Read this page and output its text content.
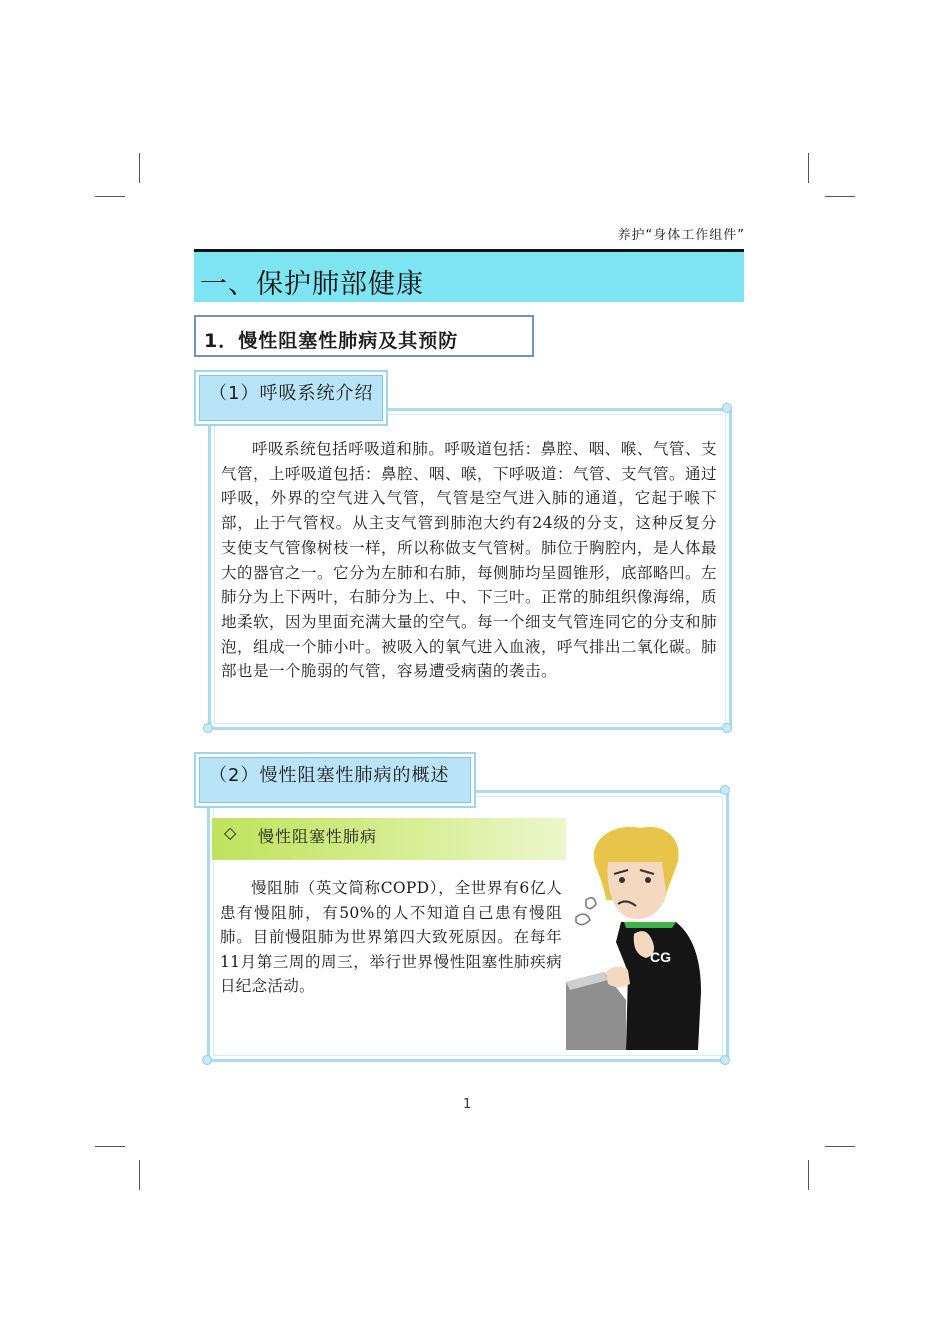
养护“身体工作组件”
一、保护肺部健康
1．慢性阻塞性肺病及其预防
（1）呼吸系统介绍
呼吸系统包括呼吸道和肺。呼吸道包括：鼻腔、咽、喉、气管、支气管，上呼吸道包括：鼻腔、咽、喉，下呼吸道：气管、支气管。通过呼吸，外界的空气进入气管，气管是空气进入肺的通道，它起于喉下部，止于气管杈。从主支气管到肺泡大约有24级的分支，这种反复分支使支气管像树枝一样，所以称做支气管树。肺位于胸腔内，是人体最大的器官之一。它分为左肺和右肺，每侧肺均呈圆锥形，底部略凹。左肺分为上下两叶，右肺分为上、中、下三叶。正常的肺组织像海绵，质地柔软，因为里面充满大量的空气。每一个细支气管连同它的分支和肺泡，组成一个肺小叶。被吸入的氧气进入血液，呼气排出二氧化碳。肺部也是一个脆弱的气管，容易遭受病菌的袭击。
（2）慢性阻塞性肺病的概述
◇ 慢性阻塞性肺病
慢阻肺（英文简称COPD），全世界有6亿人患有慢阻肺，有50%的人不知道自己患有慢阻肺。目前慢阻肺为世界第四大致死原因。在每年11月第三周的周三，举行世界慢性阻塞性肺疾病日纪念活动。
CG
1
